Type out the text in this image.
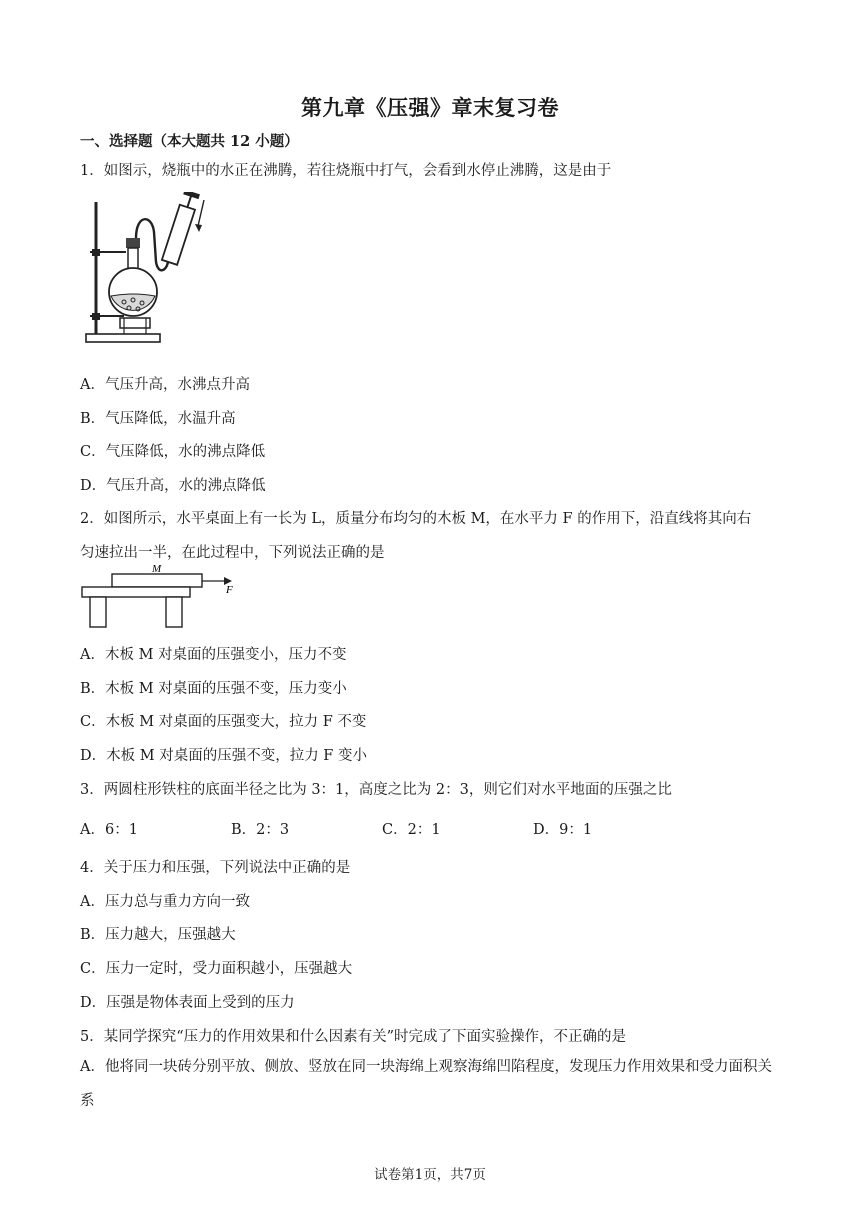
第九章《压强》章末复习卷
一、选择题（本大题共 12 小题）
1．如图示，烧瓶中的水正在沸腾，若往烧瓶中打气，会看到水停止沸腾，这是由于
A．气压升高，水沸点升高
B．气压降低，水温升高
C．气压降低，水的沸点降低
D．气压升高，水的沸点降低
2．如图所示，水平桌面上有一长为 L，质量分布均匀的木板 M，在水平力 F 的作用下，沿直线将其向右
匀速拉出一半，在此过程中，下列说法正确的是
M
F
A．木板 M 对桌面的压强变小，压力不变
B．木板 M 对桌面的压强不变，压力变小
C．木板 M 对桌面的压强变大，拉力 F 不变
D．木板 M 对桌面的压强不变，拉力 F 变小
3．两圆柱形铁柱的底面半径之比为 3：1，高度之比为 2：3，则它们对水平地面的压强之比
A．6：1	B．2：3	C．2：1	D．9：1
4．关于压力和压强，下列说法中正确的是
A．压力总与重力方向一致
B．压力越大，压强越大
C．压力一定时，受力面积越小，压强越大
D．压强是物体表面上受到的压力
5．某同学探究“压力的作用效果和什么因素有关”时完成了下面实验操作，不正确的是
A．他将同一块砖分别平放、侧放、竖放在同一块海绵上观察海绵凹陷程度，发现压力作用效果和受力面积关系
试卷第1页，共7页
